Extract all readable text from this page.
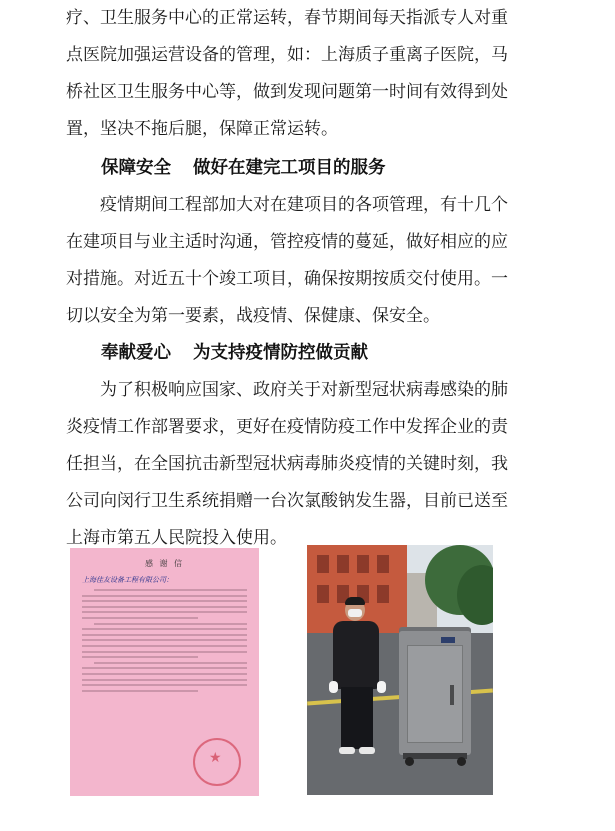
疗、卫生服务中心的正常运转，春节期间每天指派专人对重
点医院加强运营设备的管理，如：上海质子重离子医院，马
桥社区卫生服务中心等，做到发现问题第一时间有效得到处
置，坚决不拖后腿，保障正常运转。
保障安全 做好在建完工项目的服务
疫情期间工程部加大对在建项目的各项管理，有十几个
在建项目与业主适时沟通，管控疫情的蔓延，做好相应的应
对措施。对近五十个竣工项目，确保按期按质交付使用。一
切以安全为第一要素，战疫情、保健康、保安全。
奉献爱心 为支持疫情防控做贡献
为了积极响应国家、政府关于对新型冠状病毒感染的肺
炎疫情工作部署要求，更好在疫情防疫工作中发挥企业的责
任担当，在全国抗击新型冠状病毒肺炎疫情的关键时刻，我
公司向闵行卫生系统捐赠一台次氯酸钠发生器，目前已送至
上海市第五人民院投入使用。

感 谢 信

上海佳友设备工程有限公司：

★
